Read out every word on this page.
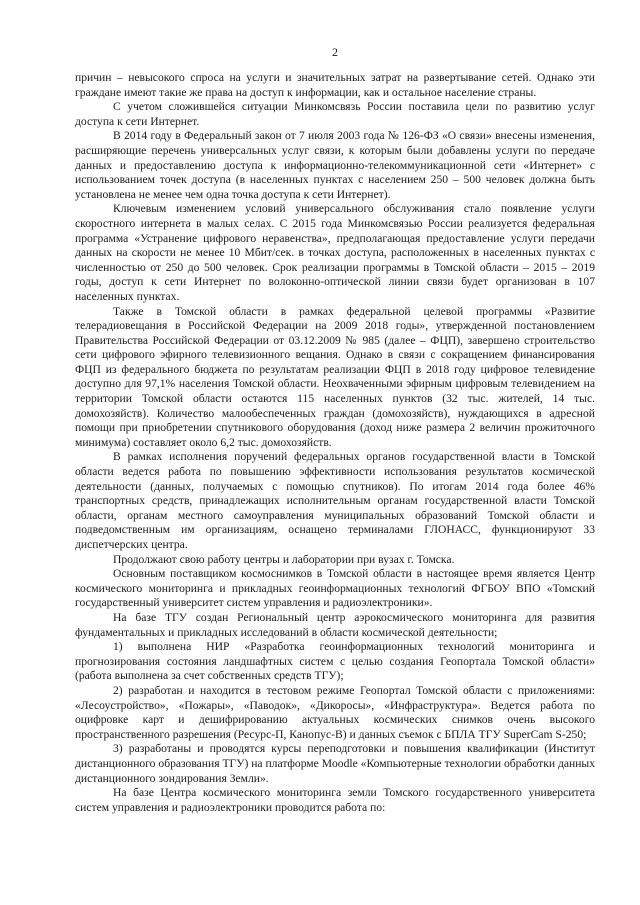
2

причин – невысокого спроса на услуги и значительных затрат на развертывание сетей. Однако эти граждане имеют такие же права на доступ к информации, как и остальное население страны.

С учетом сложившейся ситуации Минкомсвязь России поставила цели по развитию услуг доступа к сети Интернет.

В 2014 году в Федеральный закон от 7 июля 2003 года № 126-ФЗ «О связи» внесены изменения, расширяющие перечень универсальных услуг связи, к которым были добавлены услуги по передаче данных и предоставлению доступа к информационно-телекоммуникационной сети «Интернет» с использованием точек доступа (в населенных пунктах с населением 250 – 500 человек должна быть установлена не менее чем одна точка доступа к сети Интернет).

Ключевым изменением условий универсального обслуживания стало появление услуги скоростного интернета в малых селах. С 2015 года Минкомсвязью России реализуется федеральная программа «Устранение цифрового неравенства», предполагающая предоставление услуги передачи данных на скорости не менее 10 Мбит/сек. в точках доступа, расположенных в населенных пунктах с численностью от 250 до 500 человек. Срок реализации программы в Томской области – 2015 – 2019 годы, доступ к сети Интернет по волоконно-оптической линии связи будет организован в 107 населенных пунктах.

Также в Томской области в рамках федеральной целевой программы «Развитие телерадиовещания в Российской Федерации на 2009 2018 годы», утвержденной постановлением Правительства Российской Федерации от 03.12.2009 № 985 (далее – ФЦП), завершено строительство сети цифрового эфирного телевизионного вещания. Однако в связи с сокращением финансирования ФЦП из федерального бюджета по результатам реализации ФЦП в 2018 году цифровое телевидение доступно для 97,1% населения Томской области. Неохваченными эфирным цифровым телевидением на территории Томской области остаются 115 населенных пунктов (32 тыс. жителей, 14 тыс. домохозяйств). Количество малообеспеченных граждан (домохозяйств), нуждающихся в адресной помощи при приобретении спутникового оборудования (доход ниже размера 2 величин прожиточного минимума) составляет около 6,2 тыс. домохозяйств.

В рамках исполнения поручений федеральных органов государственной власти в Томской области ведется работа по повышению эффективности использования результатов космической деятельности (данных, получаемых с помощью спутников). По итогам 2014 года более 46% транспортных средств, принадлежащих исполнительным органам государственной власти Томской области, органам местного самоуправления муниципальных образований Томской области и подведомственным им организациям, оснащено терминалами ГЛОНАСС, функционируют 33 диспетчерских центра.

Продолжают свою работу центры и лаборатории при вузах г. Томска.

Основным поставщиком космоснимков в Томской области в настоящее время является Центр космического мониторинга и прикладных геоинформационных технологий ФГБОУ ВПО «Томский государственный университет систем управления и радиоэлектроники».

На базе ТГУ создан Региональный центр аэрокосмического мониторинга для развития фундаментальных и прикладных исследований в области космической деятельности;

1) выполнена НИР «Разработка геоинформационных технологий мониторинга и прогнозирования состояния ландшафтных систем с целью создания Геопортала Томской области» (работа выполнена за счет собственных средств ТГУ);

2) разработан и находится в тестовом режиме Геопортал Томской области с приложениями: «Лесоустройство», «Пожары», «Паводок», «Дикоросы», «Инфраструктура». Ведется работа по оцифровке карт и дешифрированию актуальных космических снимков очень высокого пространственного разрешения (Ресурс-П, Канопус-В) и данных съемок с БПЛА ТГУ SuperCam S-250;

3) разработаны и проводятся курсы переподготовки и повышения квалификации (Институт дистанционного образования ТГУ) на платформе Moodle «Компьютерные технологии обработки данных дистанционного зондирования Земли».

На базе Центра космического мониторинга земли Томского государственного университета систем управления и радиоэлектроники проводится работа по:
